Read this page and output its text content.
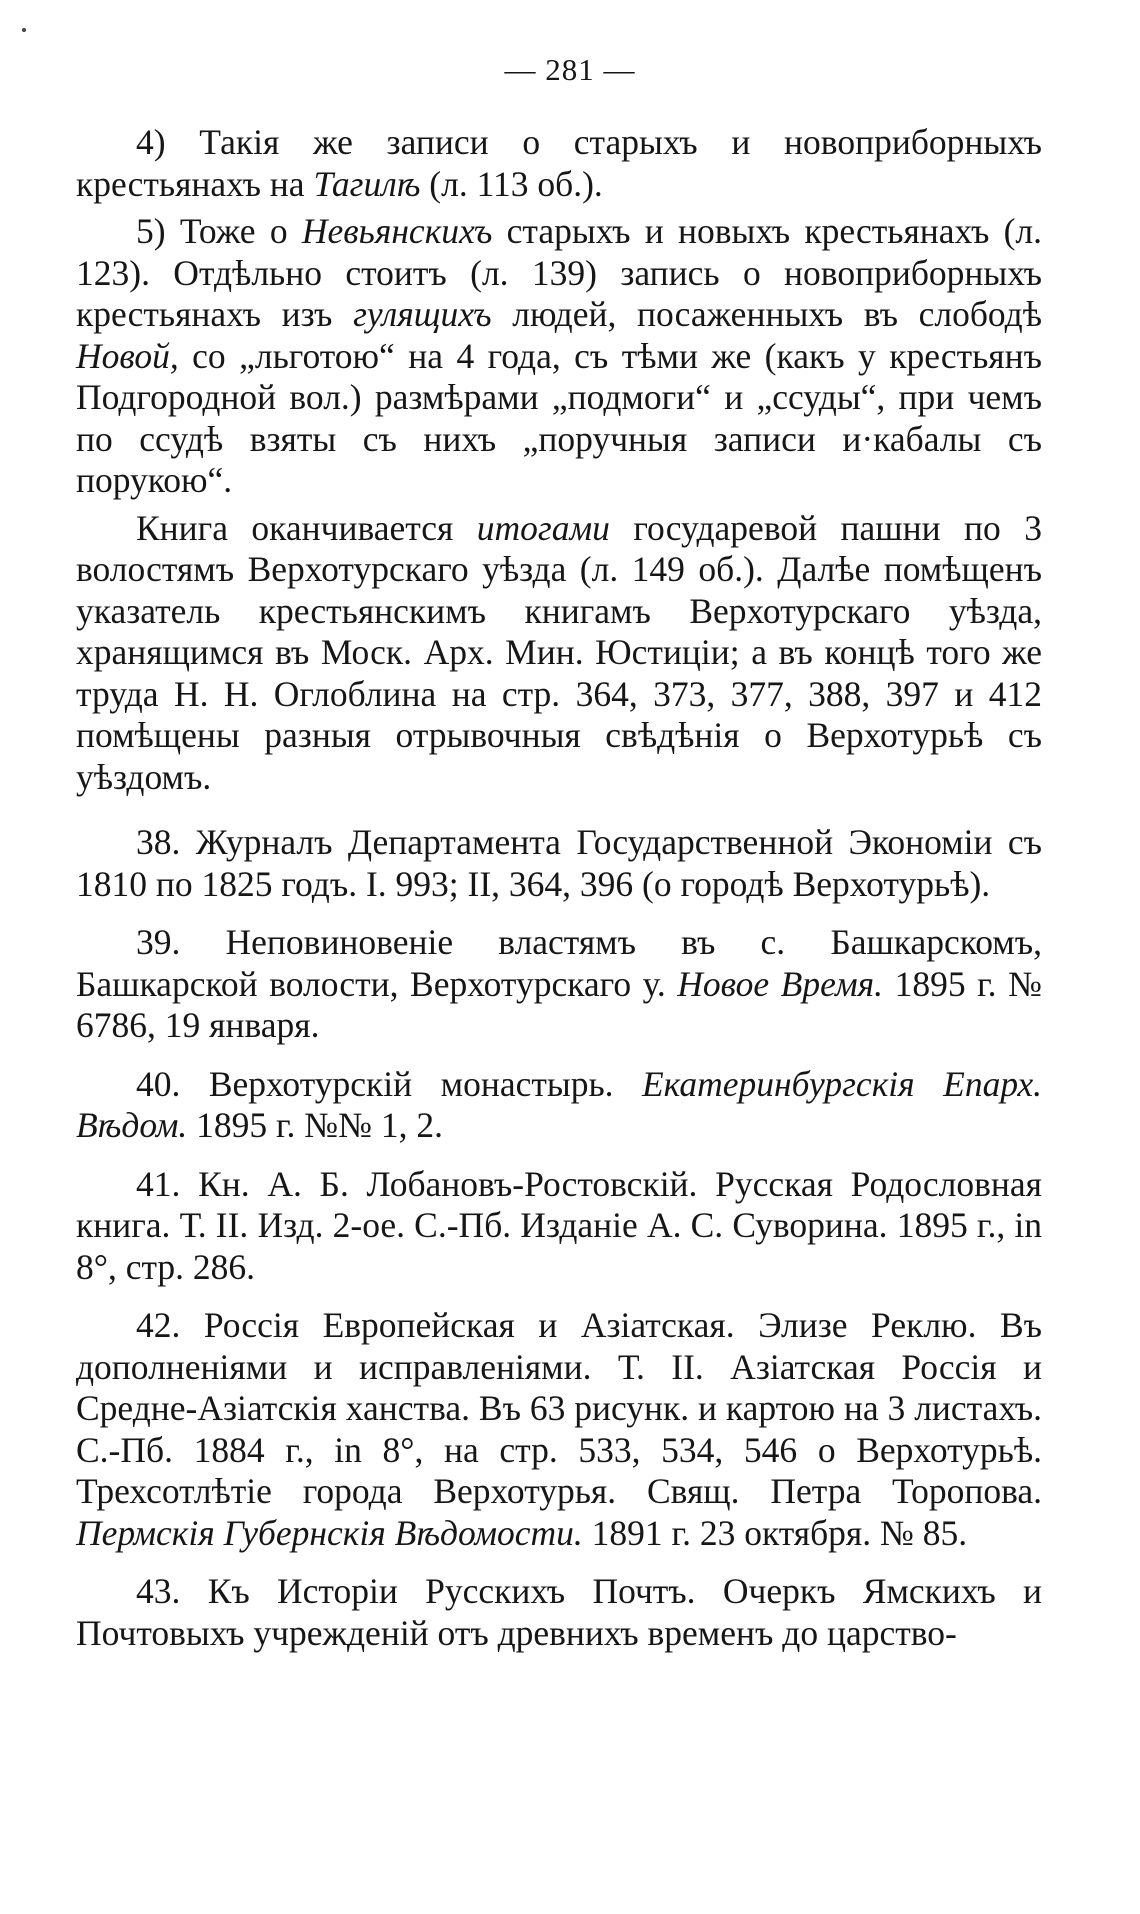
— 281 —

4) Такія же записи о старыхъ и новоприборныхъ крестьянахъ на Тагилѣ (л. 113 об.).

5) Тоже о Невьянскихъ старыхъ и новыхъ крестьянахъ (л. 123). Отдѣльно стоитъ (л. 139) запись о новоприборныхъ крестьянахъ изъ гулящихъ людей, посаженныхъ въ слободѣ Новой, со „льготою“ на 4 года, съ тѣми же (какъ у крестьянъ Подгородной вол.) размѣрами „подмоги“ и „ссуды“, при чемъ по ссудѣ взяты съ нихъ „поручныя записи и·кабалы съ порукою“.

Книга оканчивается итогами государевой пашни по 3 волостямъ Верхотурскаго уѣзда (л. 149 об.). Далѣе помѣщенъ указатель крестьянскимъ книгамъ Верхотурскаго уѣзда, хранящимся въ Моск. Арх. Мин. Юстиціи; а въ концѣ того же труда Н. Н. Оглоблина на стр. 364, 373, 377, 388, 397 и 412 помѣщены разныя отрывочныя свѣдѣнія о Верхотурьѣ съ уѣздомъ.

38. Журналъ Департамента Государственной Экономіи съ 1810 по 1825 годъ. I. 993; II, 364, 396 (о городѣ Верхотурьѣ).

39. Неповиновеніе властямъ въ с. Башкарскомъ, Башкарской волости, Верхотурскаго у. Новое Время. 1895 г. № 6786, 19 января.

40. Верхотурскій монастырь. Екатеринбургскія Епарх. Вѣдом. 1895 г. №№ 1, 2.

41. Кн. А. Б. Лобановъ-Ростовскій. Русская Родословная книга. Т. II. Изд. 2-ое. С.-Пб. Изданіе А. С. Суворина. 1895 г., in 8°, стр. 286.

42. Россія Европейская и Азіатская. Элизе Реклю. Въ дополненіями и исправленіями. Т. II. Азіатская Россія и Средне-Азіатскія ханства. Въ 63 рисунк. и картою на 3 листахъ. С.-Пб. 1884 г., in 8°, на стр. 533, 534, 546 о Верхотурьѣ. Трехсотлѣтіе города Верхотурья. Свящ. Петра Торопова. Пермскія Губернскія Вѣдомости. 1891 г. 23 октября. № 85.

43. Къ Исторіи Русскихъ Почтъ. Очеркъ Ямскихъ и Почтовыхъ учрежденій отъ древнихъ временъ до царство-
